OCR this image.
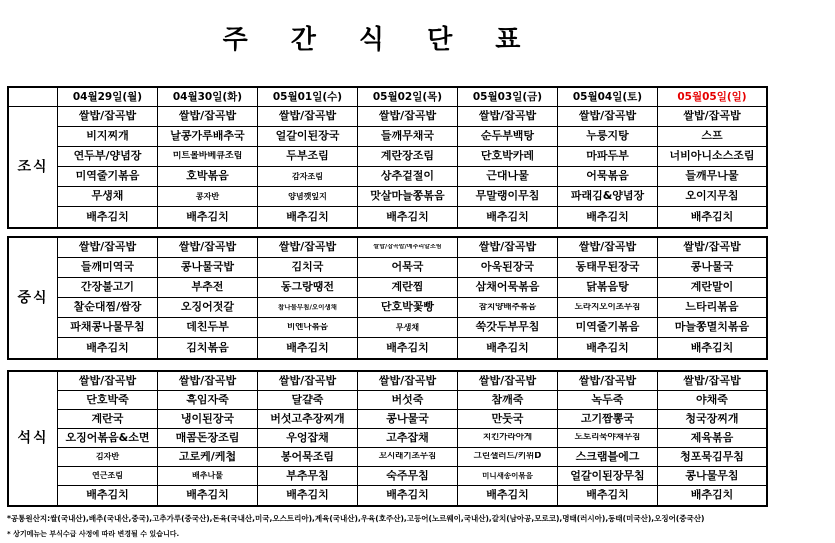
주 간 식 단 표
04월29일(월)	04월30일(화)	05월01일(수)	05월02일(목)	05월03일(금)	05월04일(토)	05월05일(일)
조식
쌀밥/잡곡밥	쌀밥/잡곡밥	쌀밥/잡곡밥	쌀밥/잡곡밥	쌀밥/잡곡밥	쌀밥/잡곡밥	쌀밥/잡곡밥
비지찌개	날콩가루배추국	얼갈이된장국	들깨무채국	순두부백탕	누룽지탕	스프
연두부/양념장	미트볼바베큐조림	두부조림	계란장조림	단호박카레	마파두부	너비아니소스조림
미역줄기볶음	호박볶음	감자조림	상추겉절이	근대나물	어묵볶음	들깨무나물
무생채	콩자반	양념깻잎지	맛살마늘쫑볶음	무말랭이무침	파래김&양념장	오이지무침
배추김치	배추김치	배추김치	배추김치	배추김치	배추김치	배추김치
중식
쌀밥/잡곡밥	쌀밥/잡곡밥	쌀밥/잡곡밥	쌀밥/잡곡밥/메추리알조림	쌀밥/잡곡밥	쌀밥/잡곡밥	쌀밥/잡곡밥
들깨미역국	콩나물국밥	김치국	어묵국	아욱된장국	동태무된장국	콩나물국
간장불고기	부추전	동그랑땡전	계란찜	삼채어묵볶음	닭볶음탕	계란말이
찰순대찜/쌈장	오징어젓갈	참나물무침/오이생채	단호박꽃빵	참치양배추볶음	도라지오이초무침	느타리볶음
파채콩나물무침	데친두부	비엔나볶음	무생채	쑥갓두부무침	미역줄기볶음	마늘쫑멸치볶음
배추김치	김치볶음	배추김치	배추김치	배추김치	배추김치	배추김치
석식
쌀밥/잡곡밥	쌀밥/잡곡밥	쌀밥/잡곡밥	쌀밥/잡곡밥	쌀밥/잡곡밥	쌀밥/잡곡밥	쌀밥/잡곡밥
단호박죽	흑임자죽	달걀죽	버섯죽	참깨죽	녹두죽	야채죽
계란국	냉이된장국	버섯고추장찌개	콩나물국	만둣국	고기짬뽕국	청국장찌개
오징어볶음&소면	매콤돈장조림	우엉잡채	고추잡채	치킨가라아게	도토리묵야채무침	제육볶음
김자반	고로케/케첩	봉어묵조림	꼬시래기초무침	그린샐러드/키위D	스크램블에그	청포묵김무침
연근조림	배추나물	부추무침	숙주무침	미니새송이볶음	얼갈이된장무침	콩나물무침
배추김치	배추김치	배추김치	배추김치	배추김치	배추김치	배추김치
*공통원산지:쌀(국내산),배추(국내산,중국),고추가루(중국산),돈육(국내산,미국,오스트리아),계육(국내산),우육(호주산),고등어(노르웨이,국내산),갈치(남아공,모로코),명태(러시아),동태(미국산),오징어(중국산)
* 상기메뉴는 부식수급 사정에 따라 변경될 수 있습니다.
